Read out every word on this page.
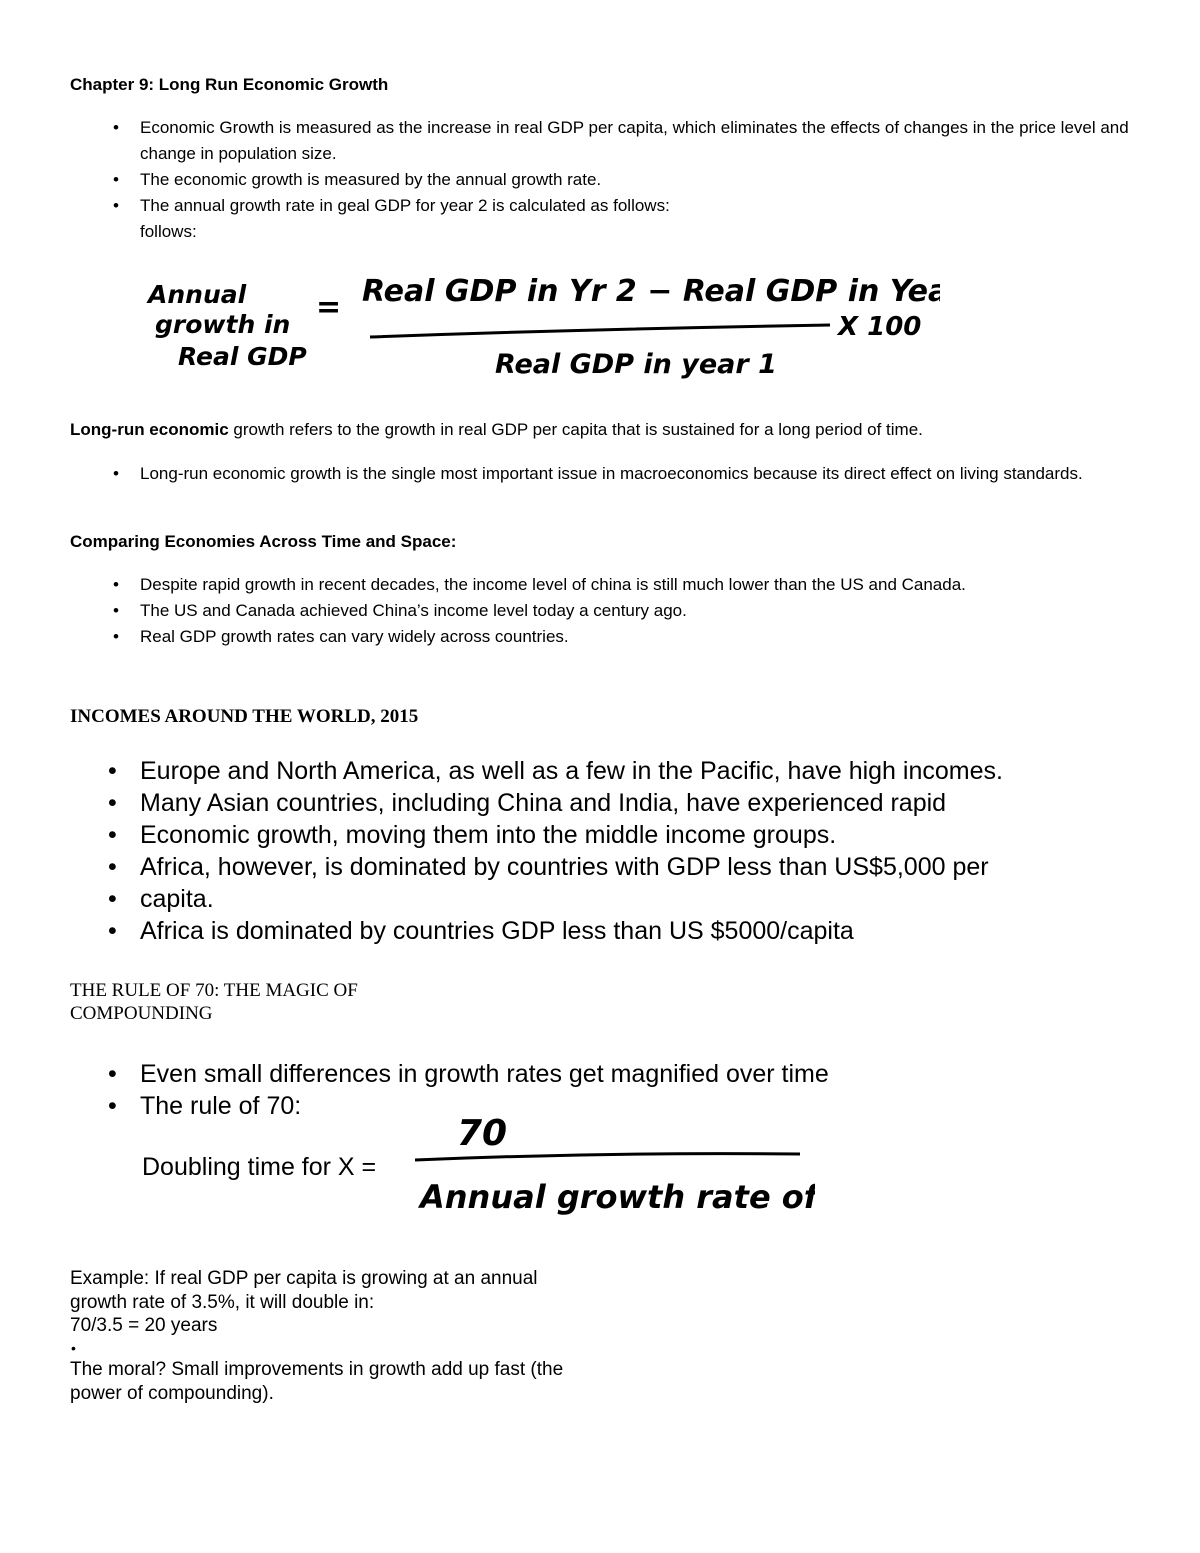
Chapter 9: Long Run Economic Growth
• Economic Growth is measured as the increase in real GDP per capita, which eliminates the effects of changes in the price level and change in population size.
• The economic growth is measured by the annual growth rate.
• The annual growth rate in geal GDP for year 2 is calculated as follows:
follows:
Annual
growth in
Real GDP
= Real GDP in Yr 2 − Real GDP in Year 1
Real GDP in year 1
X 100
Long-run economic growth refers to the growth in real GDP per capita that is sustained for a long period of time.
• Long-run economic growth is the single most important issue in macroeconomics because its direct effect on living standards.
Comparing Economies Across Time and Space:
• Despite rapid growth in recent decades, the income level of china is still much lower than the US and Canada.
• The US and Canada achieved China’s income level today a century ago.
• Real GDP growth rates can vary widely across countries.
INCOMES AROUND THE WORLD, 2015
• Europe and North America, as well as a few in the Pacific, have high incomes.
• Many Asian countries, including China and India, have experienced rapid
• Economic growth, moving them into the middle income groups.
• Africa, however, is dominated by countries with GDP less than US$5,000 per
• capita.
• Africa is dominated by countries GDP less than US $5000/capita
THE RULE OF 70: THE MAGIC OF
COMPOUNDING
• Even small differences in growth rates get magnified over time
• The rule of 70:
Doubling time for X =
70
Annual growth rate of X
Example: If real GDP per capita is growing at an annual
growth rate of 3.5%, it will double in:
70/3.5 = 20 years
•
The moral? Small improvements in growth add up fast (the
power of compounding).
